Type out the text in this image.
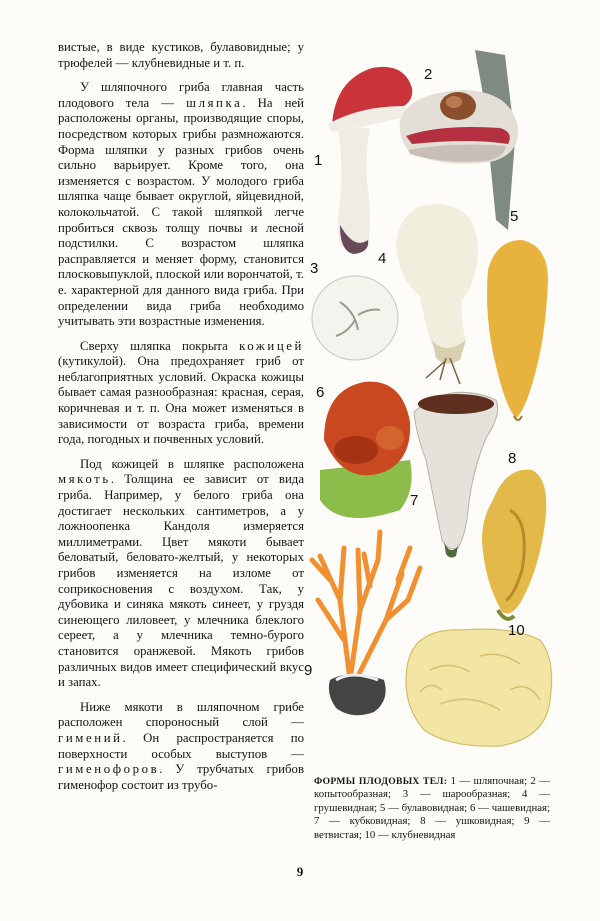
вистые, в виде кустиков, булавовидные; у трюфелей — клубневидные и т. п.

У шляпочного гриба главная часть плодового тела — шляпка. На ней расположены органы, производящие споры, посредством которых грибы размножаются. Форма шляпки у разных грибов очень сильно варьирует. Кроме того, она изменяется с возрастом. У молодого гриба шляпка чаще бывает округлой, яйцевидной, колокольчатой. С такой шляпкой легче пробиться сквозь толщу почвы и лесной подстилки. С возрастом шляпка расправляется и меняет форму, становится плосковыпуклой, плоской или ворончатой, т. е. характерной для данного вида гриба. При определении вида гриба необходимо учитывать эти возрастные изменения.

Сверху шляпка покрыта кожицей (кутикулой). Она предохраняет гриб от неблагоприятных условий. Окраска кожицы бывает самая разнообразная: красная, серая, коричневая и т. п. Она может изменяться в зависимости от возраста гриба, времени года, погодных и почвенных условий.

Под кожицей в шляпке расположена мякоть. Толщина ее зависит от вида гриба. Например, у белого гриба она достигает нескольких сантиметров, а у ложноопенка Кандоля измеряется миллиметрами. Цвет мякоти бывает беловатый, беловато-желтый, у некоторых грибов изменяется на изломе от соприкосновения с воздухом. Так, у дубовика и синяка мякоть синеет, у груздя синеющего лиловеет, у млечника блеклого сереет, а у млечника темно-бурого становится оранжевой. Мякоть грибов различных видов имеет специфический вкус и запах.

Ниже мякоти в шляпочном грибе расположен спороносный слой — гимений. Он распространяется по поверхности особых выступов — гименофоров. У трубчатых грибов гименофор состоит из трубо-

1
2
3
4
5
6
7
8
9
10
ФОРМЫ ПЛОДОВЫХ ТЕЛ: 1 — шляпочная; 2 — копытообразная; 3 — шарообразная; 4 — грушевидная; 5 — булавовидная; 6 — чашевидная; 7 — кубковидная; 8 — ушковидная; 9 — ветвистая; 10 — клубневидная
9
